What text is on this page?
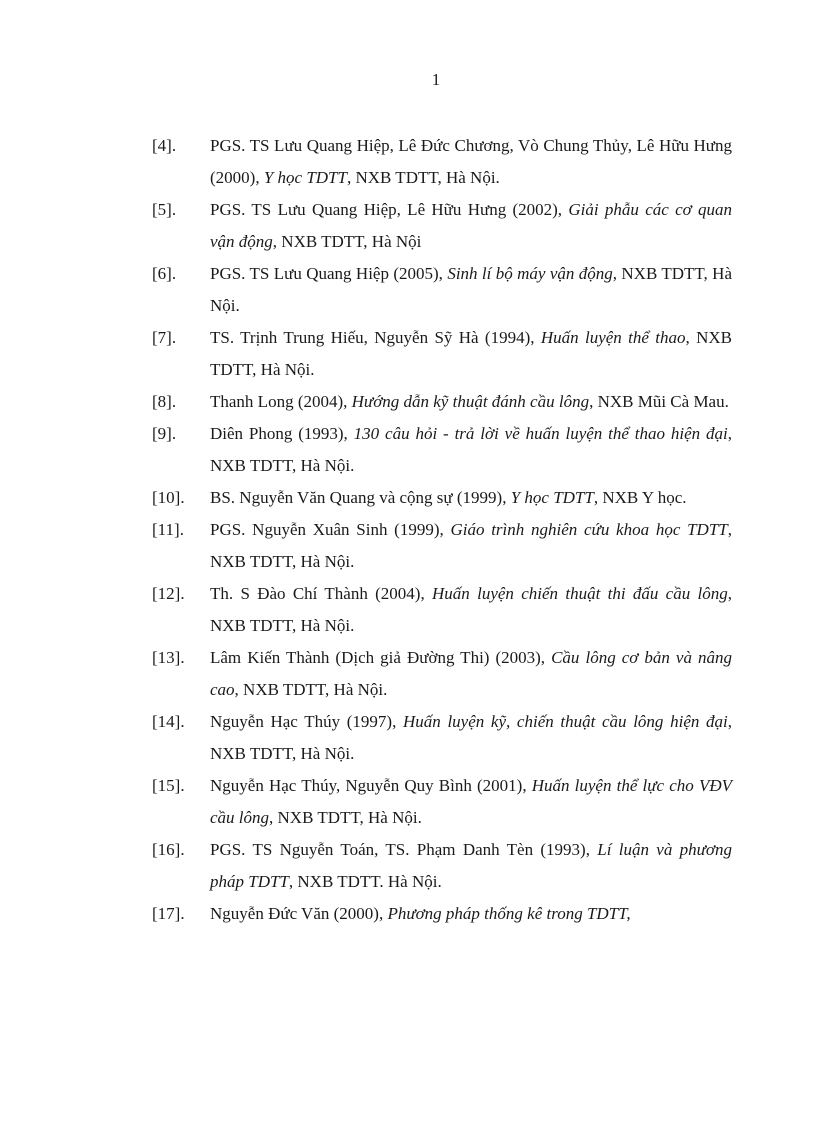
1
[4].	PGS. TS Lưu Quang Hiệp, Lê Đức Chương, Vò Chung Thủy, Lê Hữu Hưng (2000), Y học TDTT, NXB TDTT, Hà Nội.
[5].	PGS. TS Lưu Quang Hiệp, Lê Hữu Hưng (2002), Giải phẫu các cơ quan vận động, NXB TDTT, Hà Nội
[6].	PGS. TS Lưu Quang Hiệp (2005), Sinh lí bộ máy vận động, NXB TDTT, Hà Nội.
[7].	TS. Trịnh Trung Hiếu, Nguyễn Sỹ Hà (1994), Huấn luyện thể thao, NXB TDTT, Hà Nội.
[8].	Thanh Long (2004), Hướng dẫn kỹ thuật đánh cầu lông, NXB Mũi Cà Mau.
[9].	Diên Phong (1993), 130 câu hỏi - trả lời về huấn luyện thể thao hiện đại, NXB TDTT, Hà Nội.
[10].	BS. Nguyễn Văn Quang và cộng sự (1999), Y học TDTT, NXB Y học.
[11].	PGS. Nguyễn Xuân Sinh (1999), Giáo trình nghiên cứu khoa học TDTT, NXB TDTT, Hà Nội.
[12].	Th. S Đào Chí Thành (2004), Huấn luyện chiến thuật thi đấu cầu lông, NXB TDTT, Hà Nội.
[13].	Lâm Kiến Thành (Dịch giả Đường Thi) (2003), Cầu lông cơ bản và nâng cao, NXB TDTT, Hà Nội.
[14].	Nguyễn Hạc Thúy (1997), Huấn luyện kỹ, chiến thuật cầu lông hiện đại, NXB TDTT, Hà Nội.
[15].	Nguyễn Hạc Thúy, Nguyễn Quy Bình (2001), Huấn luyện thể lực cho VĐV cầu lông, NXB TDTT, Hà Nội.
[16].	PGS. TS Nguyễn Toán, TS. Phạm Danh Tèn (1993), Lí luận và phương pháp TDTT, NXB TDTT. Hà Nội.
[17].	Nguyễn Đức Văn (2000), Phương pháp thống kê trong TDTT,
